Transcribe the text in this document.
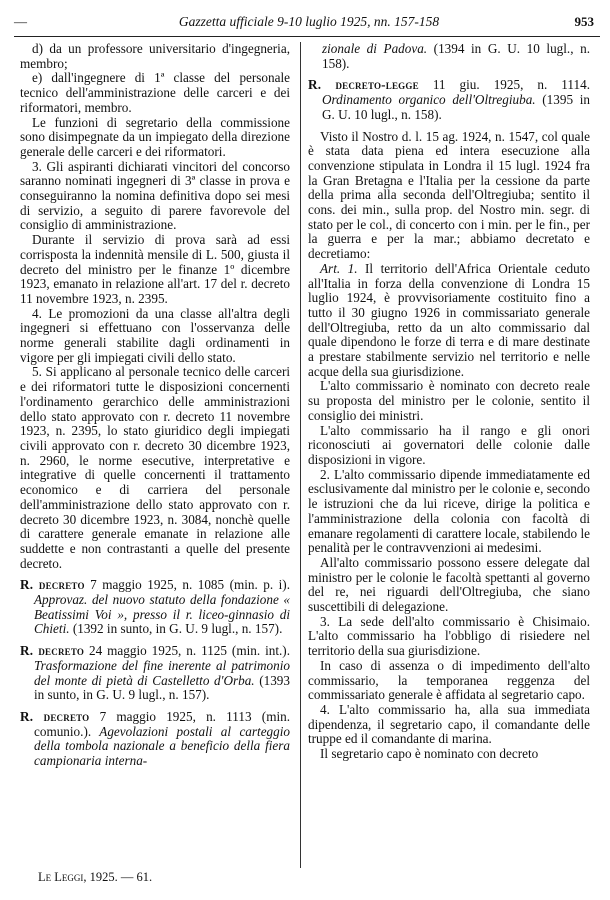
—	Gazzetta ufficiale 9-10 luglio 1925, nn. 157-158	953

d) da un professore universitario d'ingegneria, membro;

e) dall'ingegnere di 1ª classe del personale tecnico dell'amministrazione delle carceri e dei riformatori, membro.

Le funzioni di segretario della commissione sono disimpegnate da un impiegato della direzione generale delle carceri e dei riformatori.

3. Gli aspiranti dichiarati vincitori del concorso saranno nominati ingegneri di 3ª classe in prova e conseguiranno la nomina definitiva dopo sei mesi di servizio, a seguito di parere favorevole del consiglio di amministrazione.

Durante il servizio di prova sarà ad essi corrisposta la indennità mensile di L. 500, giusta il decreto del ministro per le finanze 1º dicembre 1923, emanato in relazione all'art. 17 del r. decreto 11 novembre 1923, n. 2395.

4. Le promozioni da una classe all'altra degli ingegneri si effettuano con l'osservanza delle norme generali stabilite dagli ordinamenti in vigore per gli impiegati civili dello stato.

5. Si applicano al personale tecnico delle carceri e dei riformatori tutte le disposizioni concernenti l'ordinamento gerarchico delle amministrazioni dello stato approvato con r. decreto 11 novembre 1923, n. 2395, lo stato giuridico degli impiegati civili approvato con r. decreto 30 dicembre 1923, n. 2960, le norme esecutive, interpretative e integrative di quelle concernenti il trattamento economico e di carriera del personale dell'amministrazione dello stato approvato con r. decreto 30 dicembre 1923, n. 3084, nonchè quelle di carattere generale emanate in relazione alle suddette e non contrastanti a quelle del presente decreto.

R. decreto 7 maggio 1925, n. 1085 (min. p. i). Approvaz. del nuovo statuto della fondazione « Beatissimi Voi », presso il r. liceo-ginnasio di Chieti. (1392 in sunto, in G. U. 9 lugl., n. 157).

R. decreto 24 maggio 1925, n. 1125 (min. int.). Trasformazione del fine inerente al patrimonio del monte di pietà di Castelletto d'Orba. (1393 in sunto, in G. U. 9 lugl., n. 157).

R. decreto 7 maggio 1925, n. 1113 (min. comunio.). Agevolazioni postali al carteggio della tombola nazionale a beneficio della fiera campionaria interna-

zionale di Padova. (1394 in G. U. 10 lugl., n. 158).

R. decreto-legge 11 giu. 1925, n. 1114. Ordinamento organico dell'Oltregiuba. (1395 in G. U. 10 lugl., n. 158).

Visto il Nostro d. l. 15 ag. 1924, n. 1547, col quale è stata data piena ed intera esecuzione alla convenzione stipulata in Londra il 15 lugl. 1924 fra la Gran Bretagna e l'Italia per la cessione da parte della prima alla seconda dell'Oltregiuba; sentito il cons. dei min., sulla prop. del Nostro min. segr. di stato per le col., di concerto con i min. per le fin., per la guerra e per la mar.; abbiamo decretato e decretiamo:

Art. 1. Il territorio dell'Africa Orientale ceduto all'Italia in forza della convenzione di Londra 15 luglio 1924, è provvisoriamente costituito fino a tutto il 30 giugno 1926 in commissariato generale dell'Oltregiuba, retto da un alto commissario dal quale dipendono le forze di terra e di mare destinate a prestare stabilmente servizio nel territorio e nelle acque della sua giurisdizione.

L'alto commissario è nominato con decreto reale su proposta del ministro per le colonie, sentito il consiglio dei ministri.

L'alto commissario ha il rango e gli onori riconosciuti ai governatori delle colonie dalle disposizioni in vigore.

2. L'alto commissario dipende immediatamente ed esclusivamente dal ministro per le colonie e, secondo le istruzioni che da lui riceve, dirige la politica e l'amministrazione della colonia con facoltà di emanare regolamenti di carattere locale, stabilendo le penalità per le contravvenzioni ai medesimi.

All'alto commissario possono essere delegate dal ministro per le colonie le facoltà spettanti al governo del re, nei riguardi dell'Oltregiuba, che siano suscettibili di delegazione.

3. La sede dell'alto commissario è Chisimaio. L'alto commissario ha l'obbligo di risiedere nel territorio della sua giurisdizione.

In caso di assenza o di impedimento dell'alto commissario, la temporanea reggenza del commissariato generale è affidata al segretario capo.

4. L'alto commissario ha, alla sua immediata dipendenza, il segretario capo, il comandante delle truppe ed il comandante di marina.

Il segretario capo è nominato con decreto

Le Leggi, 1925. — 61.
